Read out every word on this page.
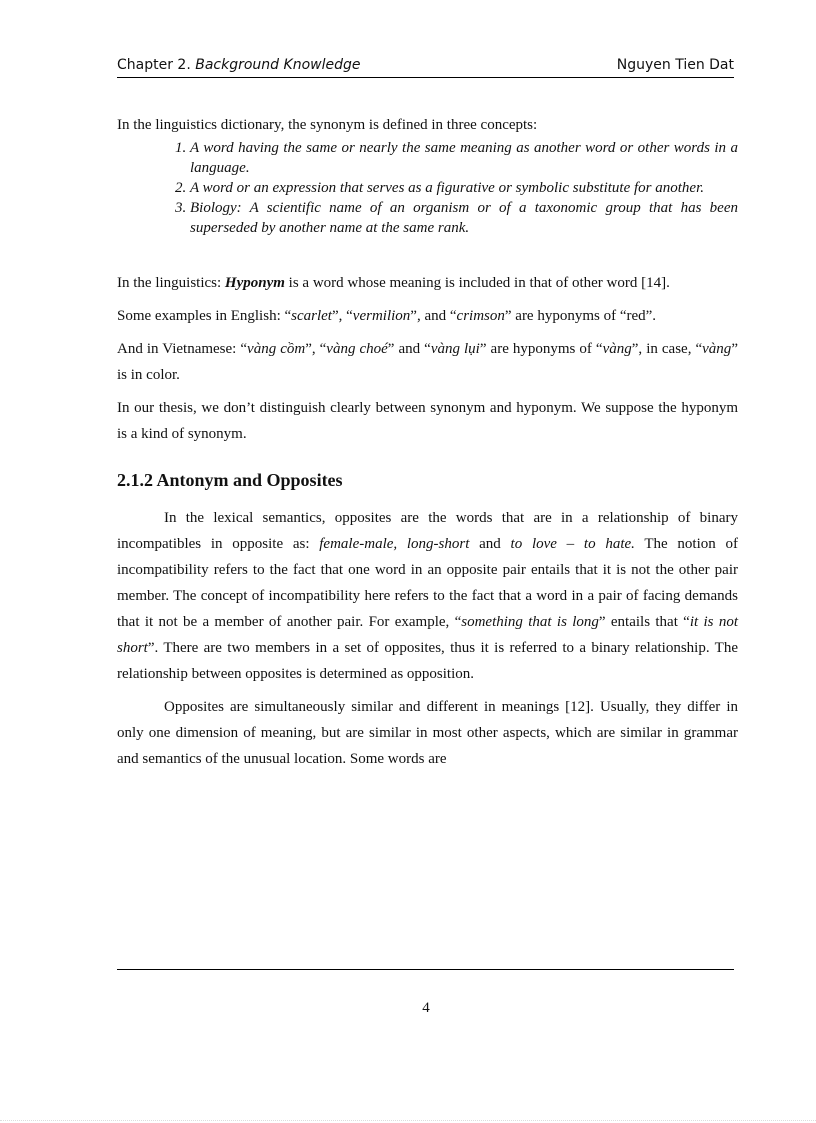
Chapter 2. Background Knowledge	Nguyen Tien Dat

In the linguistics dictionary, the synonym is defined in three concepts:

1. A word having the same or nearly the same meaning as another word or other words in a language.
2. A word or an expression that serves as a figurative or symbolic substitute for another.
3. Biology: A scientific name of an organism or of a taxonomic group that has been superseded by another name at the same rank.

In the linguistics: Hyponym is a word whose meaning is included in that of other word [14].

Some examples in English: “scarlet”, “vermilion”, and “crimson” are hyponyms of “red”.

And in Vietnamese: “vàng cồm”, “vàng choé” and “vàng lụi” are hyponyms of “vàng”, in case, “vàng” is in color.

In our thesis, we don’t distinguish clearly between synonym and hyponym. We suppose the hyponym is a kind of synonym.

2.1.2 Antonym and Opposites

In the lexical semantics, opposites are the words that are in a relationship of binary incompatibles in opposite as: female-male, long-short and to love – to hate. The notion of incompatibility refers to the fact that one word in an opposite pair entails that it is not the other pair member. The concept of incompatibility here refers to the fact that a word in a pair of facing demands that it not be a member of another pair. For example, “something that is long” entails that “it is not short”. There are two members in a set of opposites, thus it is referred to a binary relationship. The relationship between opposites is determined as opposition.

Opposites are simultaneously similar and different in meanings [12]. Usually, they differ in only one dimension of meaning, but are similar in most other aspects, which are similar in grammar and semantics of the unusual location. Some words are

4
